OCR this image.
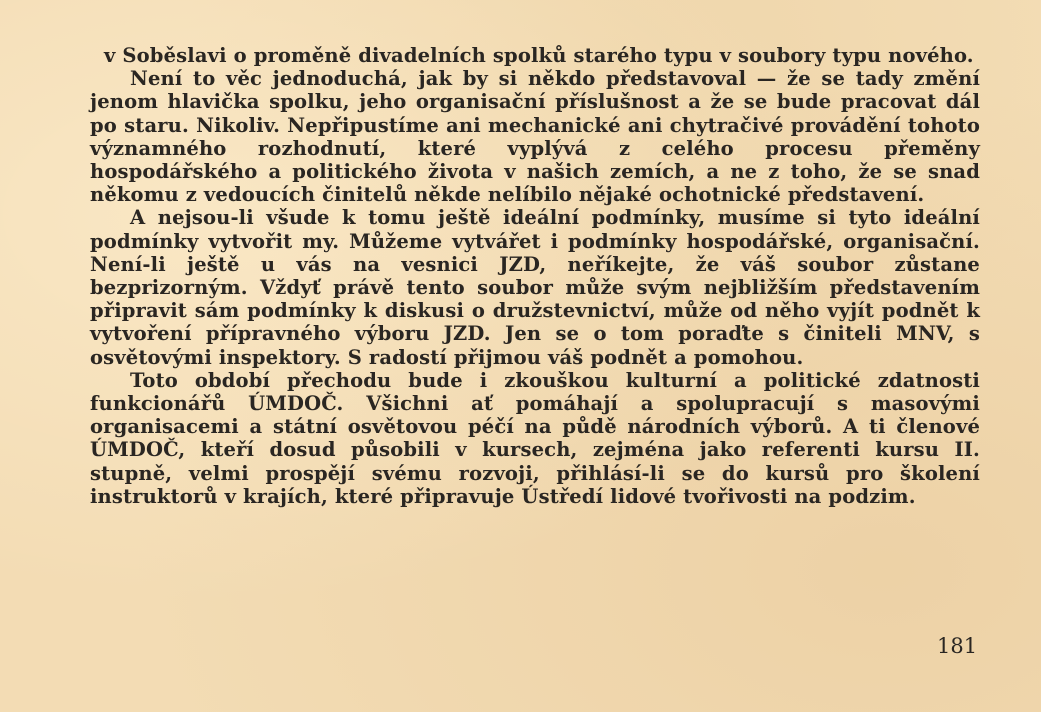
v Soběslavi o proměně divadelních spolků starého typu v soubory typu nového.

Není to věc jednoduchá, jak by si někdo představoval — že se tady změní jenom hlavička spolku, jeho organisační příslušnost a že se bude pracovat dál po staru. Nikoliv. Nepřipustíme ani mechanické ani chytračivé provádění tohoto významného rozhodnutí, které vyplývá z celého procesu přeměny hospodářského a politického života v našich zemích, a ne z toho, že se snad někomu z vedoucích činitelů někde nelíbilo nějaké ochotnické představení.

A nejsou-li všude k tomu ještě ideální podmínky, musíme si tyto ideální podmínky vytvořit my. Můžeme vytvářet i podmínky hospodářské, organisační. Není-li ještě u vás na vesnici JZD, neříkejte, že váš soubor zůstane bezprizorným. Vždyť právě tento soubor může svým nejbližším představením připravit sám podmínky k diskusi o družstevnictví, může od něho vyjít podnět k vytvoření přípravného výboru JZD. Jen se o tom poraďte s činiteli MNV, s osvětovými inspektory. S radostí přijmou váš podnět a pomohou.

Toto období přechodu bude i zkouškou kulturní a politické zdatnosti funkcionářů ÚMDOČ. Všichni ať pomáhají a spolupracují s masovými organisacemi a státní osvětovou péčí na půdě národních výborů. A ti členové ÚMDOČ, kteří dosud působili v kursech, zejména jako referenti kursu II. stupně, velmi prospějí svému rozvoji, přihlásí-li se do kursů pro školení instruktorů v krajích, které připravuje Ústředí lidové tvořivosti na podzim.

181
